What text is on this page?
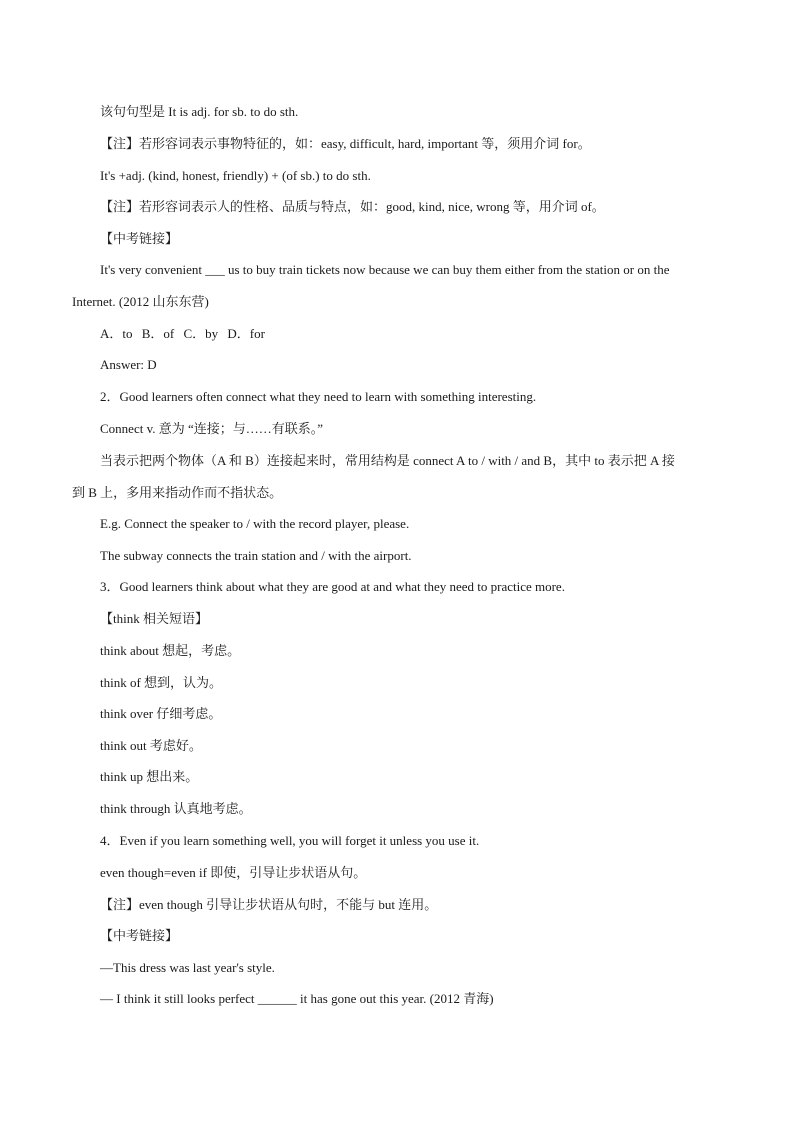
该句句型是 It is adj. for sb. to do sth.
【注】若形容词表示事物特征的，如：easy, difficult, hard, important 等，须用介词 for。
It's +adj. (kind, honest, friendly) + (of sb.) to do sth.
【注】若形容词表示人的性格、品质与特点，如：good, kind, nice, wrong 等，用介词 of。
【中考链接】
It's very convenient ___ us to buy train tickets now because we can buy them either from the station or on the
Internet. (2012 山东东营)
A．to B．of C．by D．for
Answer: D
2．Good learners often connect what they need to learn with something interesting.
Connect v. 意为 “连接；与……有联系。”
当表示把两个物体（A 和 B）连接起来时，常用结构是 connect A to / with / and B，其中 to 表示把 A 接
到 B 上，多用来指动作而不指状态。
E.g. Connect the speaker to / with the record player, please.
The subway connects the train station and / with the airport.
3．Good learners think about what they are good at and what they need to practice more.
【think 相关短语】
think about 想起，考虑。
think of 想到，认为。
think over 仔细考虑。
think out 考虑好。
think up 想出来。
think through 认真地考虑。
4．Even if you learn something well, you will forget it unless you use it.
even though=even if 即使，引导让步状语从句。
【注】even though 引导让步状语从句时，不能与 but 连用。
【中考链接】
—This dress was last year's style.
— I think it still looks perfect ______ it has gone out this year. (2012 青海)
